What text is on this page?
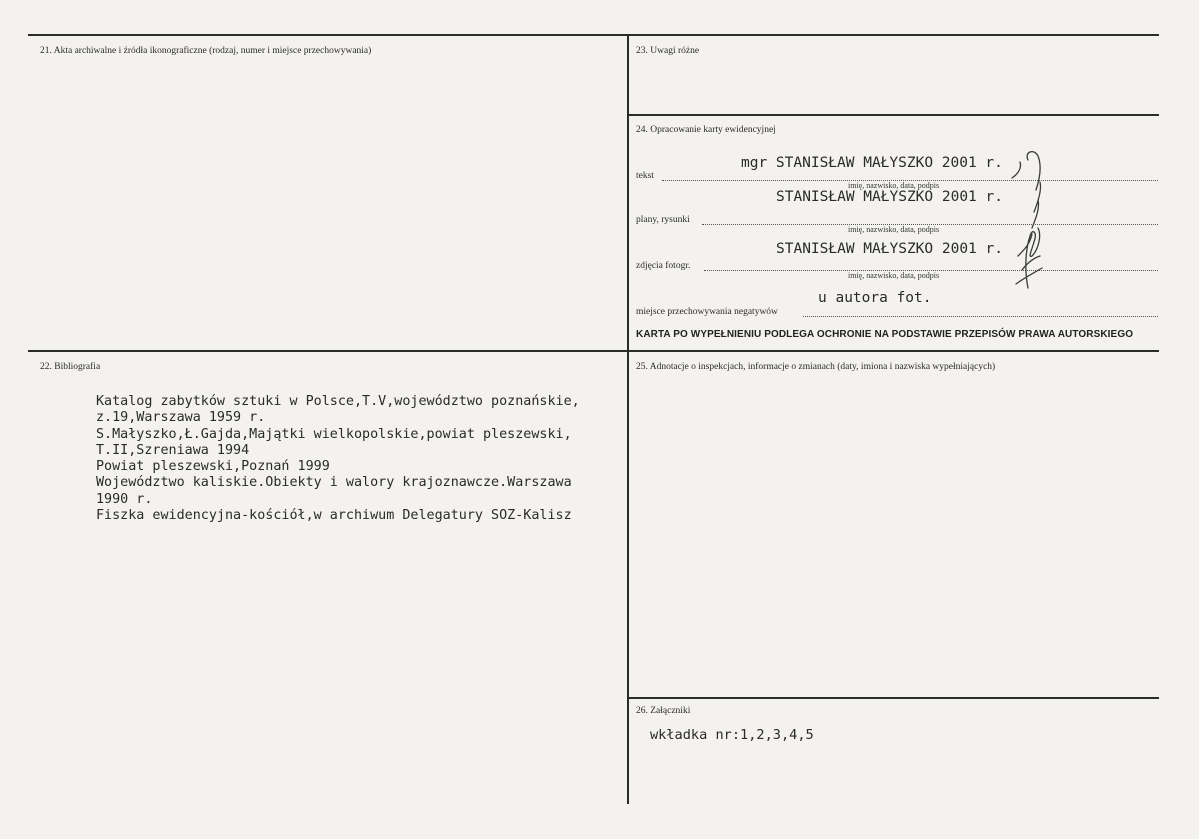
21. Akta archiwalne i źródła ikonograficzne (rodzaj, numer i miejsce przechowywania)	23. Uwagi różne
24. Opracowanie karty ewidencyjnej
mgr STANISŁAW MAŁYSZKO 2001 r.
tekst
imię, nazwisko, data, podpis
STANISŁAW MAŁYSZKO 2001 r.
plany, rysunki
imię, nazwisko, data, podpis
STANISŁAW MAŁYSZKO 2001 r.
zdjęcia fotogr.
imię, nazwisko, data, podpis
u autora fot.
miejsce przechowywania negatywów
KARTA PO WYPEŁNIENIU PODLEGA OCHRONIE NA PODSTAWIE PRZEPISÓW PRAWA AUTORSKIEGO
22. Bibliografia
Katalog zabytków sztuki w Polsce,T.V,województwo poznańskie,
z.19,Warszawa 1959 r.
S.Małyszko,Ł.Gajda,Majątki wielkopolskie,powiat pleszewski,
T.II,Szreniawa 1994
Powiat pleszewski,Poznań 1999
Województwo kaliskie.Obiekty i walory krajoznawcze.Warszawa
1990 r.
Fiszka ewidencyjna-kościół,w archiwum Delegatury SOZ-Kalisz
25. Adnotacje o inspekcjach, informacje o zmianach (daty, imiona i nazwiska wypełniających)
26. Załączniki
wkładka nr:1,2,3,4,5
